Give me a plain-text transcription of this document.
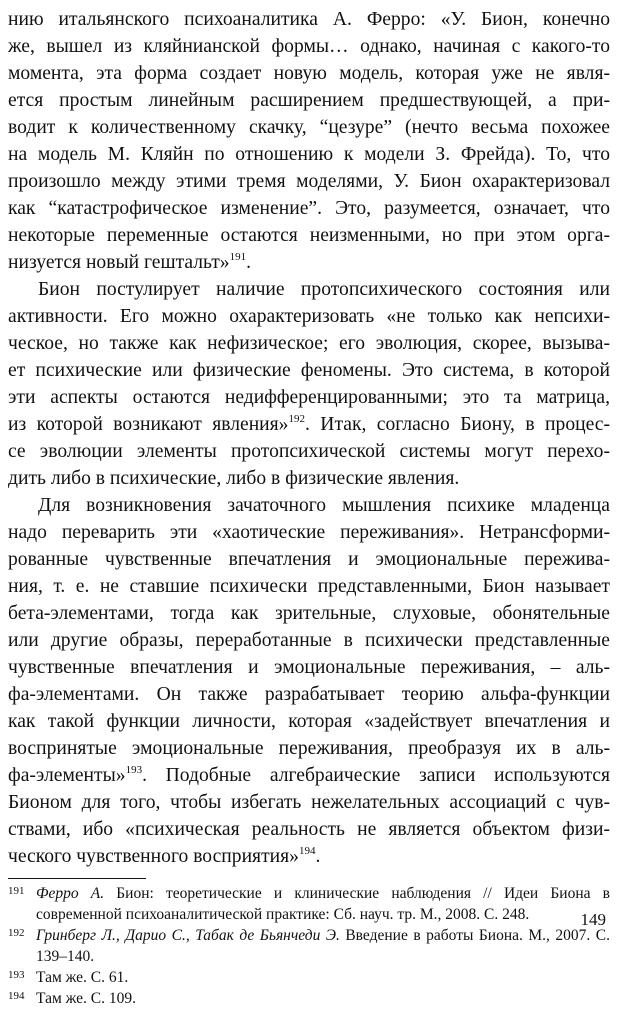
нию итальянского психоаналитика А. Ферро: «У. Бион, конечно
же, вышел из кляйнианской формы… однако, начиная с какого-то
момента, эта форма создает новую модель, которая уже не явля-
ется простым линейным расширением предшествующей, а при-
водит к количественному скачку, “цезуре” (нечто весьма похожее
на модель М. Кляйн по отношению к модели З. Фрейда). То, что
произошло между этими тремя моделями, У. Бион охарактеризовал
как “катастрофическое изменение”. Это, разумеется, означает, что
некоторые переменные остаются неизменными, но при этом орга-
низуется новый гештальт»$^{191}$.
Бион постулирует наличие протопсихического состояния или
активности. Его можно охарактеризовать «не только как непсихи-
ческое, но также как нефизическое; его эволюция, скорее, вызыва-
ет психические или физические феномены. Это система, в которой
эти аспекты остаются недифференцированными; это та матрица,
из которой возникают явления»$^{192}$. Итак, согласно Биону, в процес-
се эволюции элементы протопсихической системы могут перехо-
дить либо в психические, либо в физические явления.
Для возникновения зачаточного мышления психике младенца
надо переварить эти «хаотические переживания». Нетрансформи-
рованные чувственные впечатления и эмоциональные пережива-
ния, т. е. не ставшие психически представленными, Бион называет
бета-элементами, тогда как зрительные, слуховые, обонятельные
или другие образы, переработанные в психически представленные
чувственные впечатления и эмоциональные переживания, – аль-
фа-элементами. Он также разрабатывает теорию альфа-функции
как такой функции личности, которая «задействует впечатления и
воспринятые эмоциональные переживания, преобразуя их в аль-
фа-элементы»$^{193}$. Подобные алгебраические записи используются
Бионом для того, чтобы избегать нежелательных ассоциаций с чув-
ствами, ибо «психическая реальность не является объектом физи-
ческого чувственного восприятия»$^{194}$.
191 Ферро А. Бион: теоретические и клинические наблюдения // Идеи Биона в современной психоаналитической практике: Сб. науч. тр. М., 2008. С. 248.
192 Гринберг Л., Дарио С., Табак де Бьянчеди Э. Введение в работы Биона. М., 2007. С. 139–140.
193 Там же. С. 61.
194 Там же. С. 109.
149
